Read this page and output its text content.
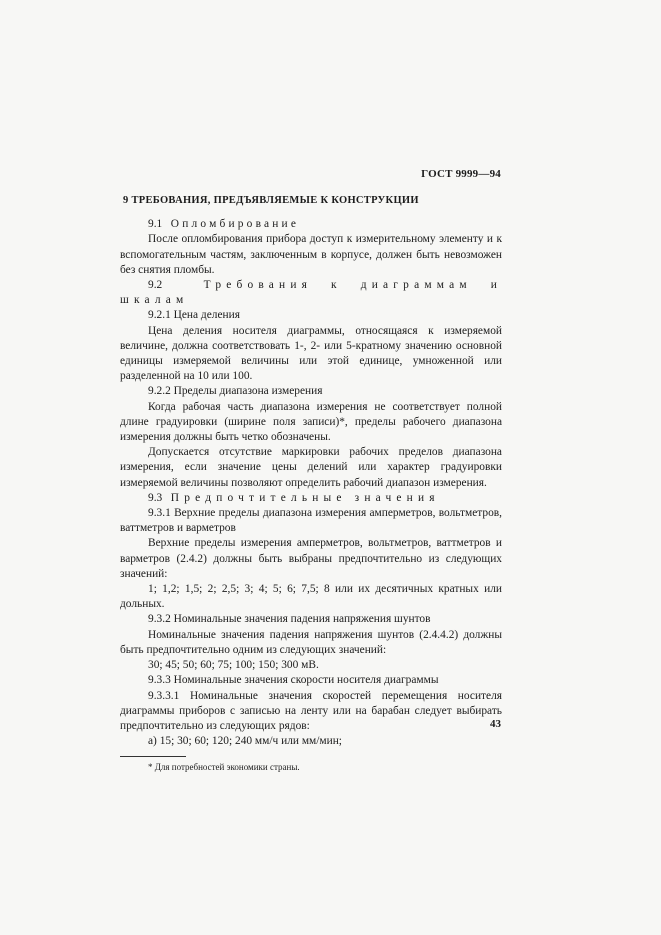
ГОСТ 9999—94
9 ТРЕБОВАНИЯ, ПРЕДЪЯВЛЯЕМЫЕ К КОНСТРУКЦИИ

9.1 Опломбирование

После опломбирования прибора доступ к измерительному элементу и к вспомогательным частям, заключенным в корпусе, должен быть невозможен без снятия пломбы.

9.2	Требования к диаграммам и шкалам

9.2.1 Цена деления

Цена деления носителя диаграммы, относящаяся к измеряемой величине, должна соответствовать 1-, 2- или 5-кратному значению основной единицы измеряемой величины или этой единице, умноженной или разделенной на 10 или 100.

9.2.2 Пределы диапазона измерения

Когда рабочая часть диапазона измерения не соответствует полной длине градуировки (ширине поля записи)*, пределы рабочего диапазона измерения должны быть четко обозначены.

Допускается отсутствие маркировки рабочих пределов диапазона измерения, если значение цены делений или характер градуировки измеряемой величины позволяют определить рабочий диапазон измерения.

9.3 Предпочтительные значения

9.3.1 Верхние пределы диапазона измерения амперметров, вольтметров, ваттметров и варметров

Верхние пределы измерения амперметров, вольтметров, ваттметров и варметров (2.4.2) должны быть выбраны предпочтительно из следующих значений:

1; 1,2; 1,5; 2; 2,5; 3; 4; 5; 6; 7,5; 8 или их десятичных кратных или дольных.

9.3.2 Номинальные значения падения напряжения шунтов

Номинальные значения падения напряжения шунтов (2.4.4.2) должны быть предпочтительно одним из следующих значений:

30; 45; 50; 60; 75; 100; 150; 300 мВ.

9.3.3 Номинальные значения скорости носителя диаграммы

9.3.3.1 Номинальные значения скоростей перемещения носителя диаграммы приборов с записью на ленту или на барабан следует выбирать предпочтительно из следующих рядов:

а) 15; 30; 60; 120; 240 мм/ч или мм/мин;

* Для потребностей экономики страны.
43
